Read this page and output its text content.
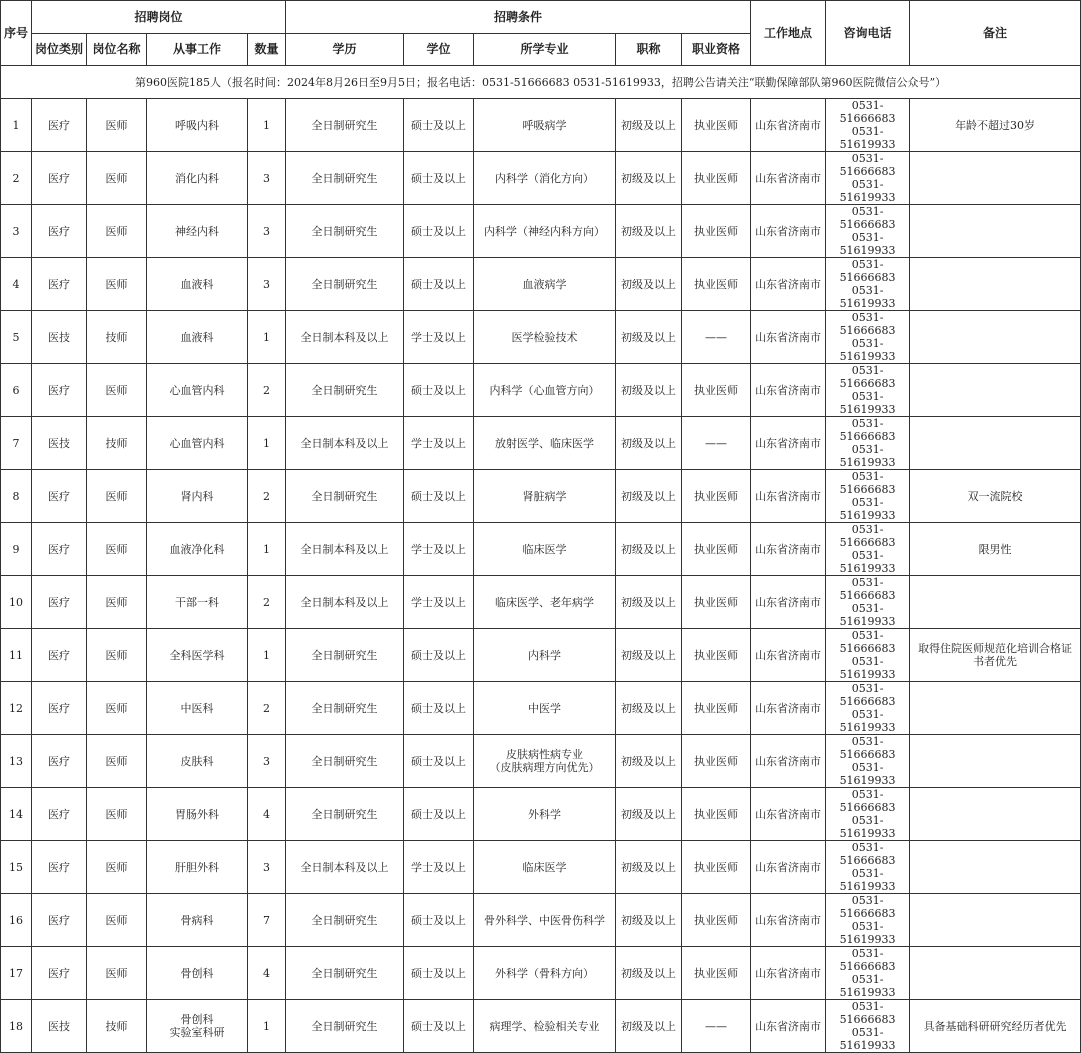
序号	招聘岗位				招聘条件					工作地点	咨询电话	备注
	岗位类别	岗位名称	从事工作	数量	学历	学位	所学专业	职称	职业资格			
第960医院185人（报名时间：2024年8月26日至9月5日；报名电话：0531-51666683 0531-51619933，招聘公告请关注“联勤保障部队第960医院微信公众号”）												
1	医疗	医师	呼吸内科	1	全日制研究生	硕士及以上	呼吸病学	初级及以上	执业医师	山东省济南市	0531-51666683
0531-51619933	年龄不超过30岁

2	医疗	医师	消化内科	3	全日制研究生	硕士及以上	内科学（消化方向）	初级及以上	执业医师	山东省济南市	0531-51666683
0531-51619933	

3	医疗	医师	神经内科	3	全日制研究生	硕士及以上	内科学（神经内科方向）	初级及以上	执业医师	山东省济南市	0531-51666683
0531-51619933	

4	医疗	医师	血液科	3	全日制研究生	硕士及以上	血液病学	初级及以上	执业医师	山东省济南市	0531-51666683
0531-51619933	

5	医技	技师	血液科	1	全日制本科及以上	学士及以上	医学检验技术	初级及以上	——	山东省济南市	0531-51666683
0531-51619933	

6	医疗	医师	心血管内科	2	全日制研究生	硕士及以上	内科学（心血管方向）	初级及以上	执业医师	山东省济南市	0531-51666683
0531-51619933	

7	医技	技师	心血管内科	1	全日制本科及以上	学士及以上	放射医学、临床医学	初级及以上	——	山东省济南市	0531-51666683
0531-51619933	

8	医疗	医师	肾内科	2	全日制研究生	硕士及以上	肾脏病学	初级及以上	执业医师	山东省济南市	0531-51666683
0531-51619933	双一流院校

9	医疗	医师	血液净化科	1	全日制本科及以上	学士及以上	临床医学	初级及以上	执业医师	山东省济南市	0531-51666683
0531-51619933	限男性

10	医疗	医师	干部一科	2	全日制本科及以上	学士及以上	临床医学、老年病学	初级及以上	执业医师	山东省济南市	0531-51666683
0531-51619933	

11	医疗	医师	全科医学科	1	全日制研究生	硕士及以上	内科学	初级及以上	执业医师	山东省济南市	0531-51666683
0531-51619933	取得住院医师规范化培训合格证
书者优先

12	医疗	医师	中医科	2	全日制研究生	硕士及以上	中医学	初级及以上	执业医师	山东省济南市	0531-51666683
0531-51619933	

13	医疗	医师	皮肤科	3	全日制研究生	硕士及以上	皮肤病性病专业
（皮肤病理方向优先）	初级及以上	执业医师	山东省济南市	0531-51666683
0531-51619933	

14	医疗	医师	胃肠外科	4	全日制研究生	硕士及以上	外科学	初级及以上	执业医师	山东省济南市	0531-51666683
0531-51619933	

15	医疗	医师	肝胆外科	3	全日制本科及以上	学士及以上	临床医学	初级及以上	执业医师	山东省济南市	0531-51666683
0531-51619933	

16	医疗	医师	骨病科	7	全日制研究生	硕士及以上	骨外科学、中医骨伤科学	初级及以上	执业医师	山东省济南市	0531-51666683
0531-51619933	

17	医疗	医师	骨创科	4	全日制研究生	硕士及以上	外科学（骨科方向）	初级及以上	执业医师	山东省济南市	0531-51666683
0531-51619933	

18	医技	技师	骨创科
实验室科研	1	全日制研究生	硕士及以上	病理学、检验相关专业	初级及以上	——	山东省济南市	0531-51666683
0531-51619933	具备基础科研研究经历者优先
